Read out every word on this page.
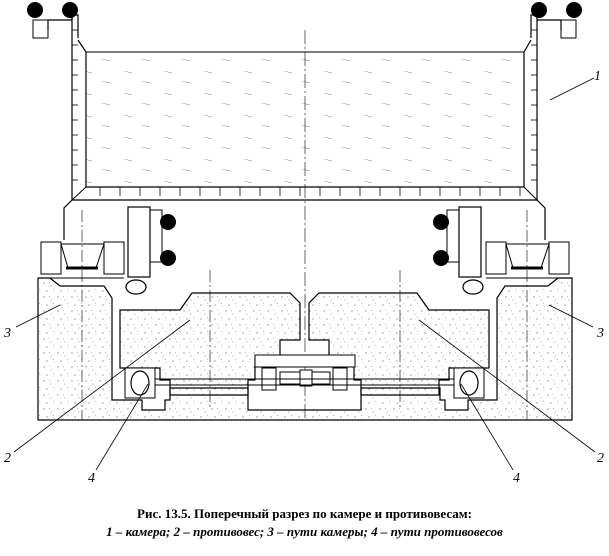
1
3	3
2	2
4	4
Рис. 13.5. Поперечный разрез по камере и противовесам:
1 – камера; 2 – противовес; 3 – пути камеры; 4 – пути противовесов
